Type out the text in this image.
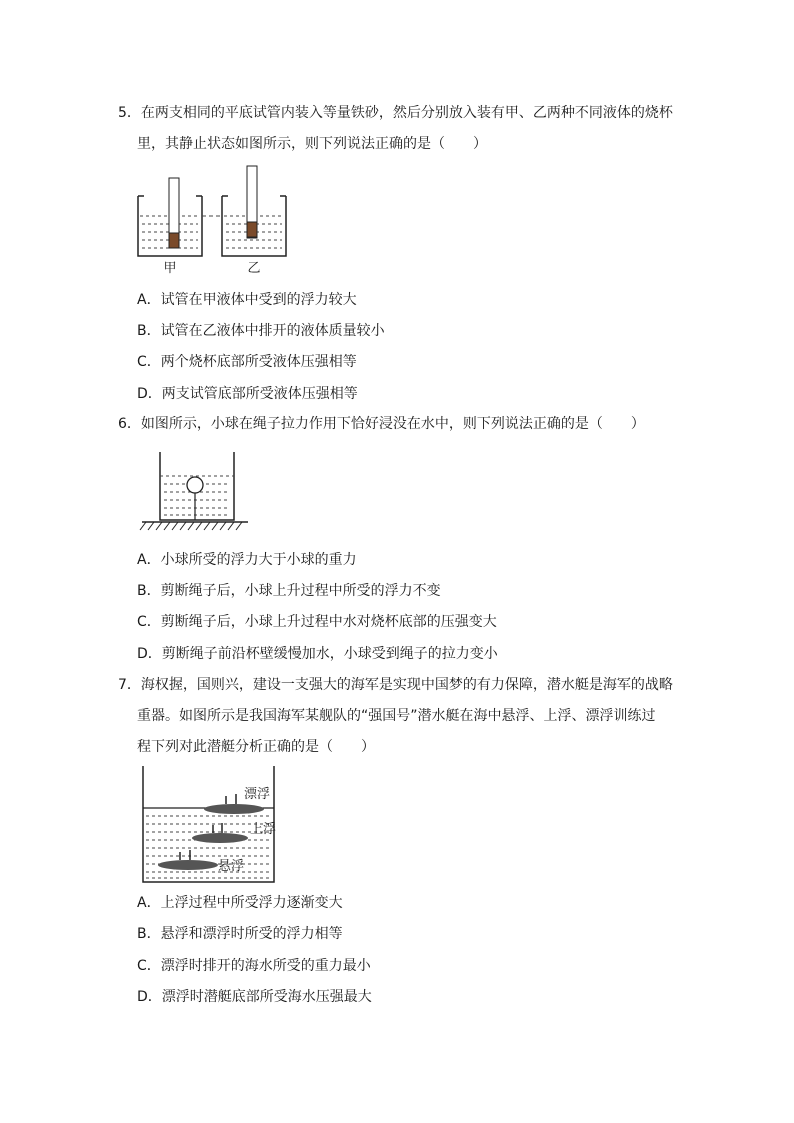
5．在两支相同的平底试管内装入等量铁砂，然后分别放入装有甲、乙两种不同液体的烧杯
里，其静止状态如图所示，则下列说法正确的是（　　）
甲	乙
A．试管在甲液体中受到的浮力较大
B．试管在乙液体中排开的液体质量较小
C．两个烧杯底部所受液体压强相等
D．两支试管底部所受液体压强相等
6．如图所示，小球在绳子拉力作用下恰好浸没在水中，则下列说法正确的是（　　）
A．小球所受的浮力大于小球的重力
B．剪断绳子后，小球上升过程中所受的浮力不变
C．剪断绳子后，小球上升过程中水对烧杯底部的压强变大
D．剪断绳子前沿杯壁缓慢加水，小球受到绳子的拉力变小
7．海权握，国则兴，建设一支强大的海军是实现中国梦的有力保障，潜水艇是海军的战略
重器。如图所示是我国海军某舰队的“强国号”潜水艇在海中悬浮、上浮、漂浮训练过
程下列对此潜艇分析正确的是（　　）
漂浮
上浮
悬浮
A．上浮过程中所受浮力逐渐变大
B．悬浮和漂浮时所受的浮力相等
C．漂浮时排开的海水所受的重力最小
D．漂浮时潜艇底部所受海水压强最大
